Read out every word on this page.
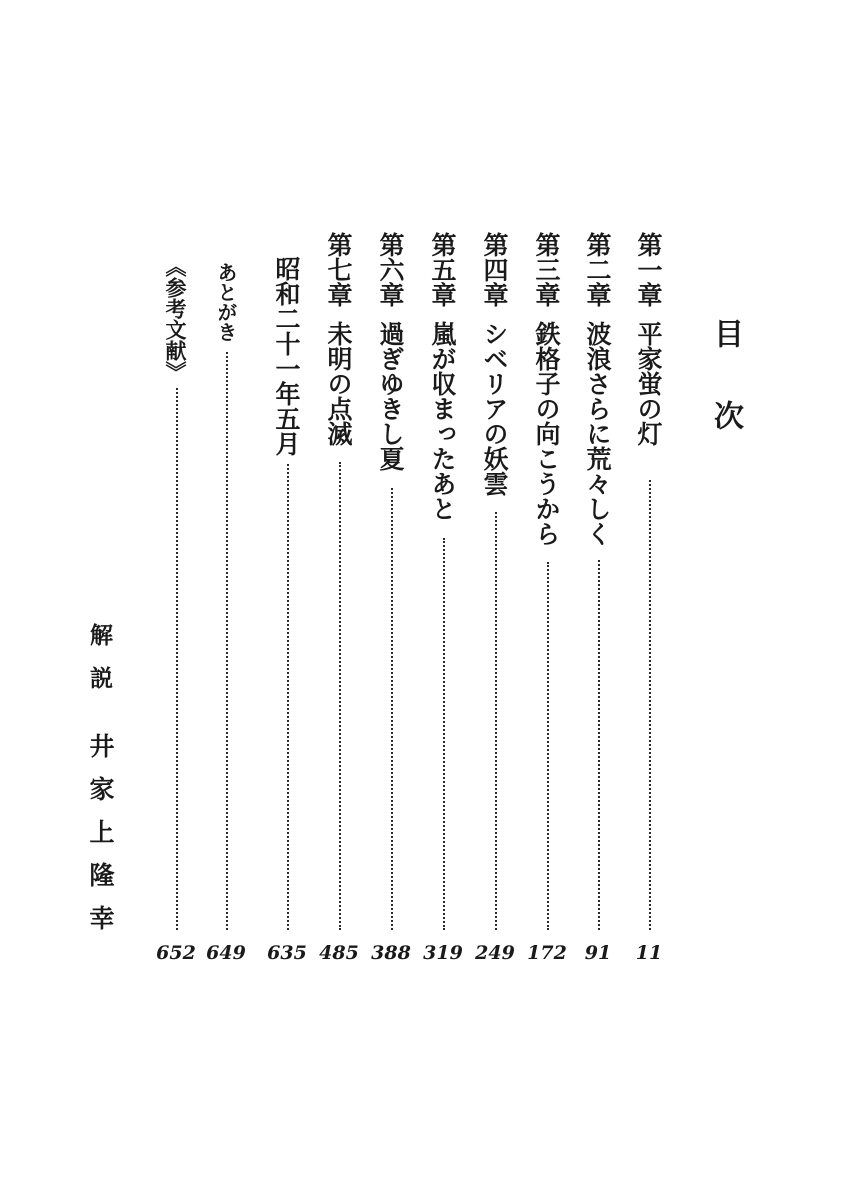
目次
第一章平家蛍の灯
11
第二章波浪さらに荒々しく
91
第三章鉄格子の向こうから
172
第四章シベリアの妖雲
249
第五章嵐が収まったあと
319
第六章過ぎゆきし夏
388
第七章未明の点滅
485
昭和二十一年五月
635
あとがき
649
《参考文献》
652
解説
井家上隆幸
